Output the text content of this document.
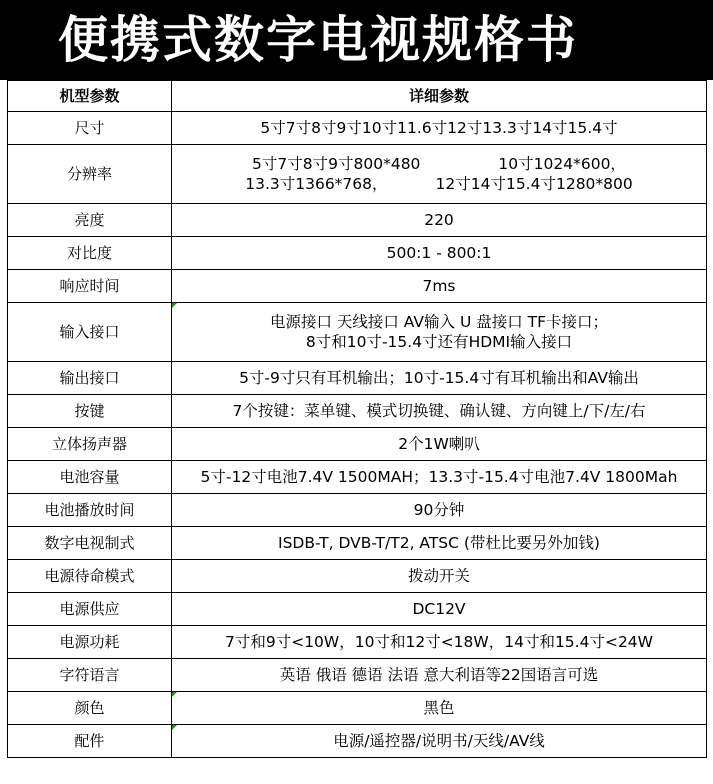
便携式数字电视规格书
机型参数	详细参数
尺寸	5寸7寸8寸9寸10寸11.6寸12寸13.3寸14寸15.4寸
分辨率	5寸7寸8寸9寸800*480 10寸1024*600，
13.3寸1366*768， 12寸14寸15.4寸1280*800

亮度	220
对比度	500:1 - 800:1
响应时间	7ms
输入接口	电源接口 天线接口 AV输入 U 盘接口 TF卡接口；
8寸和10寸-15.4寸还有HDMI输入接口

输出接口	5寸-9寸只有耳机输出；10寸-15.4寸有耳机输出和AV输出
按键	7个按键：菜单键、模式切换键、确认键、方向键上/下/左/右
立体扬声器	2个1W喇叭
电池容量	5寸-12寸电池7.4V 1500MAH；13.3寸-15.4寸电池7.4V 1800Mah
电池播放时间	90分钟
数字电视制式	ISDB-T, DVB-T/T2, ATSC (带杜比要另外加钱)
电源待命模式	拨动开关
电源供应	DC12V
电源功耗	7寸和9寸<10W，10寸和12寸<18W，14寸和15.4寸<24W
字符语言	英语 俄语 德语 法语 意大利语等22国语言可选
颜色	黑色
配件	电源/遥控器/说明书/天线/AV线
